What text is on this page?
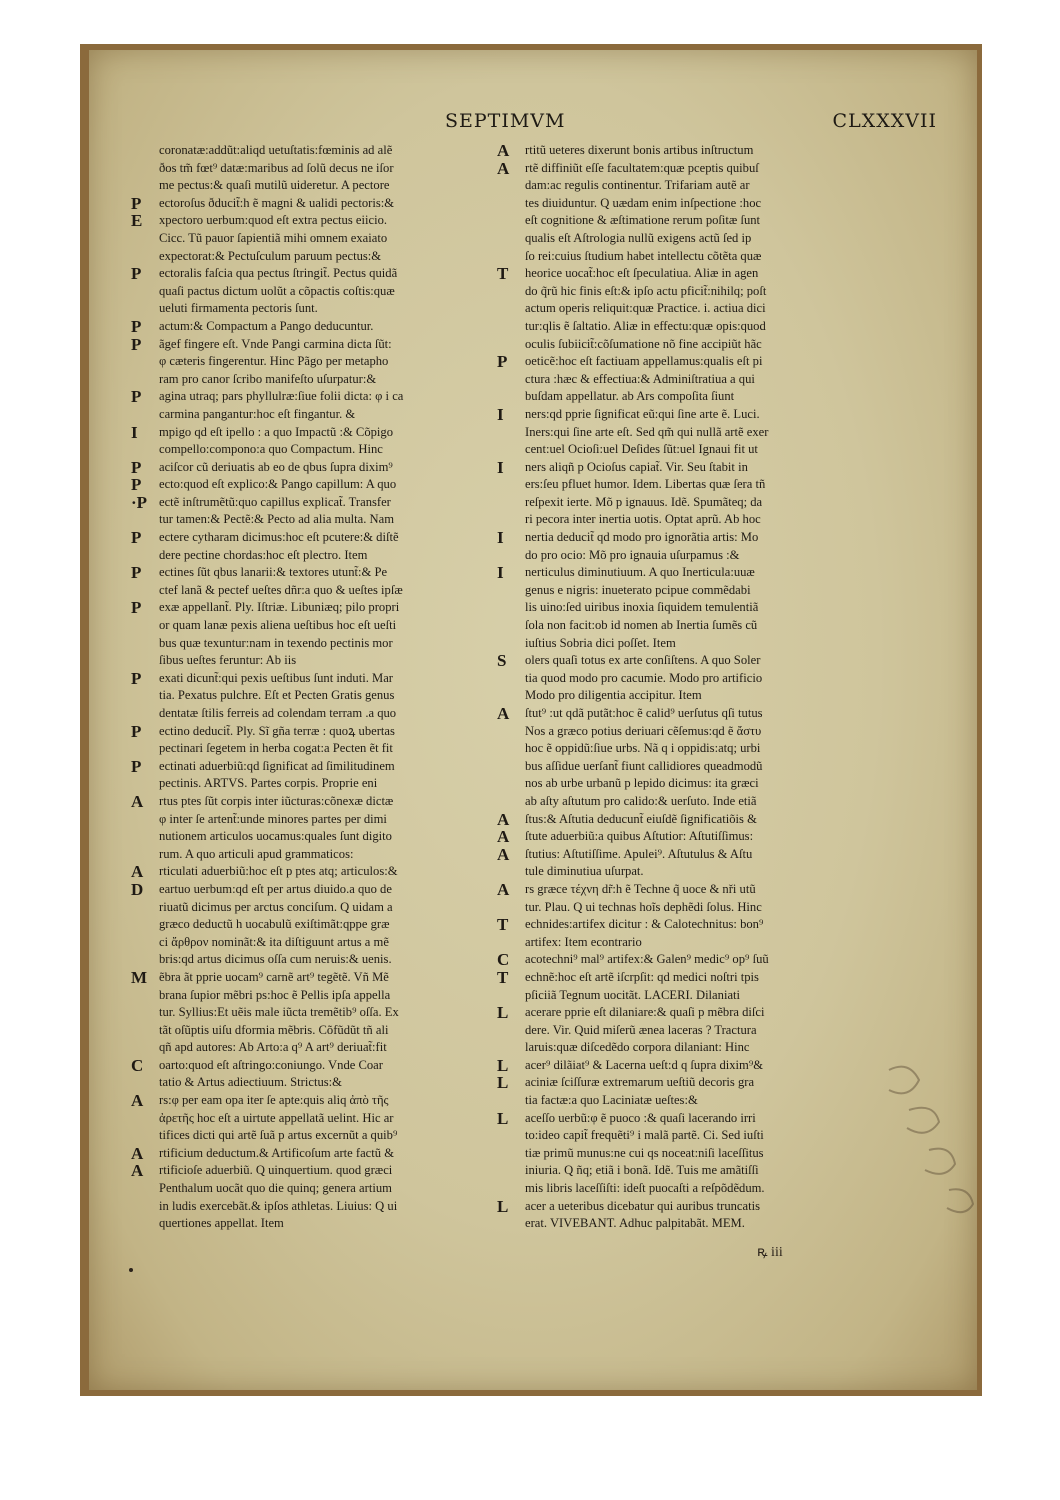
SEPTIMVM	CLXXXVII
coronatæ:addũt:aliqd uetuſtatis:fœminis ad alẽ
ðos tm̃ fœt⁹ datæ:maribus ad ſolũ decus ne iſor
me pectus:& quaſi mutilũ uideretur. A pectore
P ectoroſus ðducit̃:h ẽ magni & ualidi pectoris:&
E xpectoro uerbum:quod eſt extra pectus eiicio.
Cicc. Tũ pauor ſapientiã mihi omnem exaiato
expectorat:& Pectuſculum paruum pectus:&
P ectoralis faſcia qua pectus ſtringit̃. Pectus quidã
quaſi pactus dictum uolũt a cõpactis coſtis:quæ
ueluti firmamenta pectoris ſunt.
P actum:& Compactum a Pango deducuntur.
P ãgef fingere eſt. Vnde Pangi carmina dicta ſũt:
φ cæteris fingerentur. Hinc Pãgo per metapho
ram pro canor ſcribo manifeſto uſurpatur:&
P agina utraq; pars phyllulræ:ſiue folii dicta: φ i ca
carmina pangantur:hoc eſt fingantur. &
I mpigo qd eſt ipello : a quo Impactũ :& Cõpigo
compello:compono:a quo Compactum. Hinc
P aciſcor cũ deriuatis ab eo de qbus ſupra dixim⁹
P ecto:quod eſt explico:& Pango capillum: A quo
·P ectẽ inſtrumẽtũ:quo capillus explicat̃. Transfer
tur tamen:& Pectẽ:& Pecto ad alia multa. Nam
P ectere cytharam dicimus:hoc eſt pcutere:& diſtẽ
dere pectine chordas:hoc eſt plectro. Item
P ectines ſũt qbus lanarii:& textores utunt̃:& Pe
ctef lanã & pectef ueſtes dñr:a quo & ueſtes ipſæ
P exæ appellant̃. Ply. Iſtriæ. Libuniæq; pilo propri
or quam lanæ pexis aliena ueſtibus hoc eſt ueſti
bus quæ texuntur:nam in texendo pectinis mor
ſibus ueſtes feruntur: Ab iis
P exati dicunt̃:qui pexis ueſtibus ſunt induti. Mar
tia. Pexatus pulchre. Eſt et Pecten Gratis genus
dentatæ ſtilis ferreis ad colendam terram .a quo
P ectino deducit̃. Ply. Sĩ gña terræ : quoꝝ ubertas
pectinari ſegetem in herba cogat:a Pecten ẽt fit
P ectinati aduerbiũ:qd ſignificat ad ſimilitudinem
pectinis. ARTVS. Partes corpis. Proprie eni
A rtus ptes ſũt corpis inter iũcturas:cõnexæ dictæ
φ inter ſe artent̃:unde minores partes per dimi
nutionem articulos uocamus:quales ſunt digito
rum. A quo articuli apud grammaticos:
A rticulati aduerbiũ:hoc eſt p ptes atq; articulos:&
D eartuo uerbum:qd eſt per artus diuido.a quo de
riuatũ dicimus per arctus conciſum. Q uidam a
græco deductũ h uocabulũ exiſtimãt:qppe græ
ci ἄρθρον nominãt:& ita diſtiguunt artus a mẽ
bris:qd artus dicimus oſſa cum neruis:& uenis.
M ẽbra ãt pprie uocam⁹ carnẽ art⁹ tegẽtẽ. Vñ Mẽ
brana ſupior mẽbri ps:hoc ẽ Pellis ipſa appella
tur. Syllius:Et uẽis male iũcta tremẽtib⁹ oſſa. Ex
tãt oſũptis uiſu dformia mẽbris. Cõfũdũt tñ ali
qñ apd autores: Ab Arto:a q⁹ A art⁹ deriuat̃:fit
C oarto:quod eſt aſtringo:coniungo. Vnde Coar
tatio & Artus adiectiuum. Strictus:&
A rs:φ per eam opa iter ſe apte:quis aliq ἀπὸ τῆς
ἀρετῆς hoc eſt a uirtute appellatã uelint. Hic ar
tifices dicti qui artẽ ſuã p artus excernũt a quib⁹
A rtificium deductum.& Artificoſum arte factũ &
A rtificioſe aduerbiũ. Q uinquertium. quod græci
Penthalum uocãt quo die quinq; genera artium
in ludis exercebãt.& ipſos athletas. Liuius: Q ui
quertiones appellat. Item
A rtitũ ueteres dixerunt bonis artibus inſtructum
A rtẽ diffiniũt eſſe facultatem:quæ pceptis quibuſ
dam:ac regulis continentur. Trifariam autẽ ar
tes diuiduntur. Q uædam enim inſpectione :hoc
eſt cognitione & æſtimatione rerum poſitæ ſunt
qualis eſt Aſtrologia nullũ exigens actũ ſed ip
ſo rei:cuius ſtudium habet intellectu cõtẽta quæ
T heorice uocat̃:hoc eſt ſpeculatiua. Aliæ in agen
do q̃rũ hic finis eſt:& ipſo actu pficit̃:nihilq; poſt
actum operis reliquit:quæ Practice. i. actiua dici
tur:qlis ẽ ſaltatio. Aliæ in effectu:quæ opis:quod
oculis ſubiicit̃:cõſumatione nõ fine accipiũt hãc
P oeticẽ:hoc eſt factiuam appellamus:qualis eſt pi
ctura :hæc & effectiua:& Adminiſtratiua a qui
buſdam appellatur. ab Ars compoſita ſiunt
I ners:qd pprie ſignificat eũ:qui ſine arte ẽ. Luci.
Iners:qui ſine arte eſt. Sed qm̃ qui nullã artẽ exer
cent:uel Ocioſi:uel Deſides ſũt:uel Ignaui fit ut
I ners aliqñ p Ocioſus capiat̃. Vir. Seu ſtabit in
ers:ſeu pfluet humor. Idem. Libertas quæ ſera tñ
reſpexit ierte. Mõ p ignauus. Idẽ. Spumãteq; da
ri pecora inter inertia uotis. Optat aprũ. Ab hoc
I nertia deducit̃ qd modo pro ignorãtia artis: Mo
do pro ocio: Mõ pro ignauia uſurpamus :&
I nerticulus diminutiuum. A quo Inerticula:uuæ
genus e nigris: inueterato pcipue commẽdabi
lis uino:ſed uiribus inoxia ſiquidem temulentiã
ſola non facit:ob id nomen ab Inertia ſumẽs cũ
iuſtius Sobria dici poſſet. Item
S olers quaſi totus ex arte conſiſtens. A quo Soler
tia quod modo pro cacumie. Modo pro artificio
Modo pro diligentia accipitur. Item
A ſtut⁹ :ut qdã putãt:hoc ẽ calid⁹ uerſutus qſi tutus
Nos a græco potius deriuari cẽſemus:qd ẽ ἄστυ
hoc ẽ oppidũ:ſiue urbs. Nã q i oppidis:atq; urbi
bus aſſidue uerſant̃ fiunt callidiores queadmodũ
nos ab urbe urbanũ p lepido dicimus: ita græci
ab aſty aſtutum pro calido:& uerſuto. Inde etiã
A ſtus:& Aſtutia deducunt̃ eiuſdẽ ſignificatiõis &
A ſtute aduerbiũ:a quibus Aſtutior: Aſtutiſſimus:
A ſtutius: Aſtutiſſime. Apulei⁹. Aſtutulus & Aſtu
tule diminutiua uſurpat.
A rs græce τέχνη dr̃:h ẽ Techne q̃ uoce & nři utũ
tur. Plau. Q ui technas hoĩs dephẽdi ſolus. Hinc
T echnides:artifex dicitur : & Calotechnitus: bon⁹
artifex: Item econtrario
C acotechni⁹ mal⁹ artifex:& Galen⁹ medic⁹ op⁹ ſuũ
T echnẽ:hoc eſt artẽ iſcrpſit: qd medici noſtri tpis
pſiciiã Tegnum uocitãt. LACERI. Dilaniati
L acerare pprie eſt dilaniare:& quaſi p mẽbra diſci
dere. Vir. Quid miſerũ ænea laceras ? Tractura
laruis:quæ diſcedẽdo corpora dilaniant: Hinc
L acer⁹ dilãiat⁹ & Lacerna ueſt:d q ſupra dixim⁹&
L aciniæ ſciſſuræ extremarum ueſtiũ decoris gra
tia factæ:a quo Laciniatæ ueſtes:&
L aceſſo uerbũ:φ ẽ puoco :& quaſi lacerando irri
to:ideo capit̃ frequẽti⁹ i malã partẽ. Ci. Sed iuſti
tiæ primũ munus:ne cui qs noceat:niſi laceſſitus
iniuria. Q ñq; etiã i bonã. Idẽ. Tuis me amãtiſſi
mis libris laceſſiſti: ideſt puocaſti a reſpõdẽdum.
L acer a ueteribus dicebatur qui auribus truncatis
erat. VIVEBANT. Adhuc palpitabãt. MEM.
ꝶ iii
